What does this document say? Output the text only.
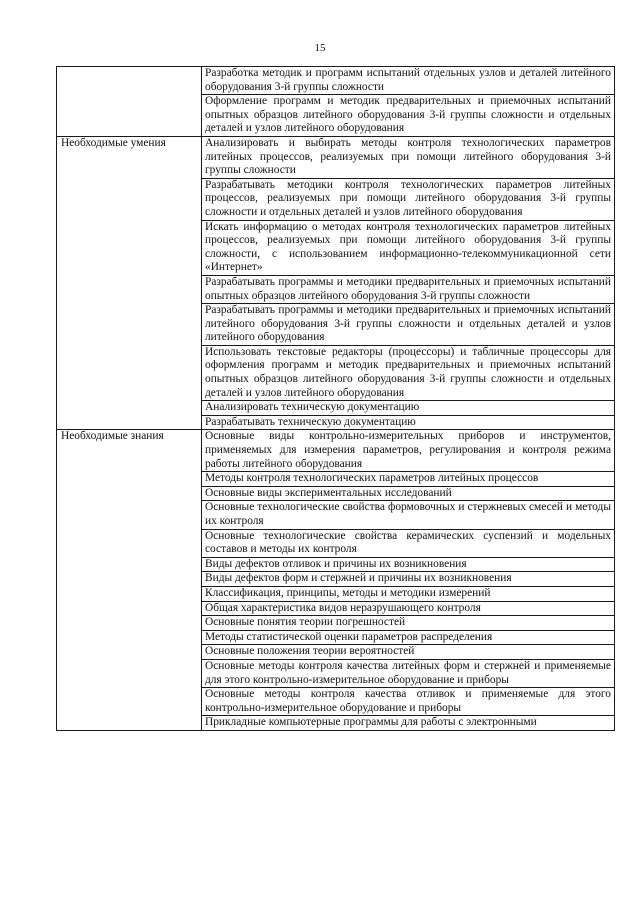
15
	Разработка методик и программ испытаний отдельных узлов и деталей литейного оборудования 3-й группы сложности
	Оформление программ и методик предварительных и приемочных испытаний опытных образцов литейного оборудования 3-й группы сложности и отдельных деталей и узлов литейного оборудования
Необходимые умения	Анализировать и выбирать методы контроля технологических параметров литейных процессов, реализуемых при помощи литейного оборудования 3-й группы сложности
	Разрабатывать методики контроля технологических параметров литейных процессов, реализуемых при помощи литейного оборудования 3-й группы сложности и отдельных деталей и узлов литейного оборудования
	Искать информацию о методах контроля технологических параметров литейных процессов, реализуемых при помощи литейного оборудования 3-й группы сложности, с использованием информационно-телекоммуникационной сети «Интернет»
	Разрабатывать программы и методики предварительных и приемочных испытаний опытных образцов литейного оборудования 3-й группы сложности
	Разрабатывать программы и методики предварительных и приемочных испытаний литейного оборудования 3-й группы сложности и отдельных деталей и узлов литейного оборудования
	Использовать текстовые редакторы (процессоры) и табличные процессоры для оформления программ и методик предварительных и приемочных испытаний опытных образцов литейного оборудования 3-й группы сложности и отдельных деталей и узлов литейного оборудования
	Анализировать техническую документацию
	Разрабатывать техническую документацию
Необходимые знания	Основные виды контрольно-измерительных приборов и инструментов, применяемых для измерения параметров, регулирования и контроля режима работы литейного оборудования
	Методы контроля технологических параметров литейных процессов
	Основные виды экспериментальных исследований
	Основные технологические свойства формовочных и стержневых смесей и методы их контроля
	Основные технологические свойства керамических суспензий и модельных составов и методы их контроля
	Виды дефектов отливок и причины их возникновения
	Виды дефектов форм и стержней и причины их возникновения
	Классификация, принципы, методы и методики измерений
	Общая характеристика видов неразрушающего контроля
	Основные понятия теории погрешностей
	Методы статистической оценки параметров распределения
	Основные положения теории вероятностей
	Основные методы контроля качества литейных форм и стержней и применяемые для этого контрольно-измерительное оборудование и приборы
	Основные методы контроля качества отливок и применяемые для этого контрольно-измерительное оборудование и приборы
	Прикладные компьютерные программы для работы с электронными
